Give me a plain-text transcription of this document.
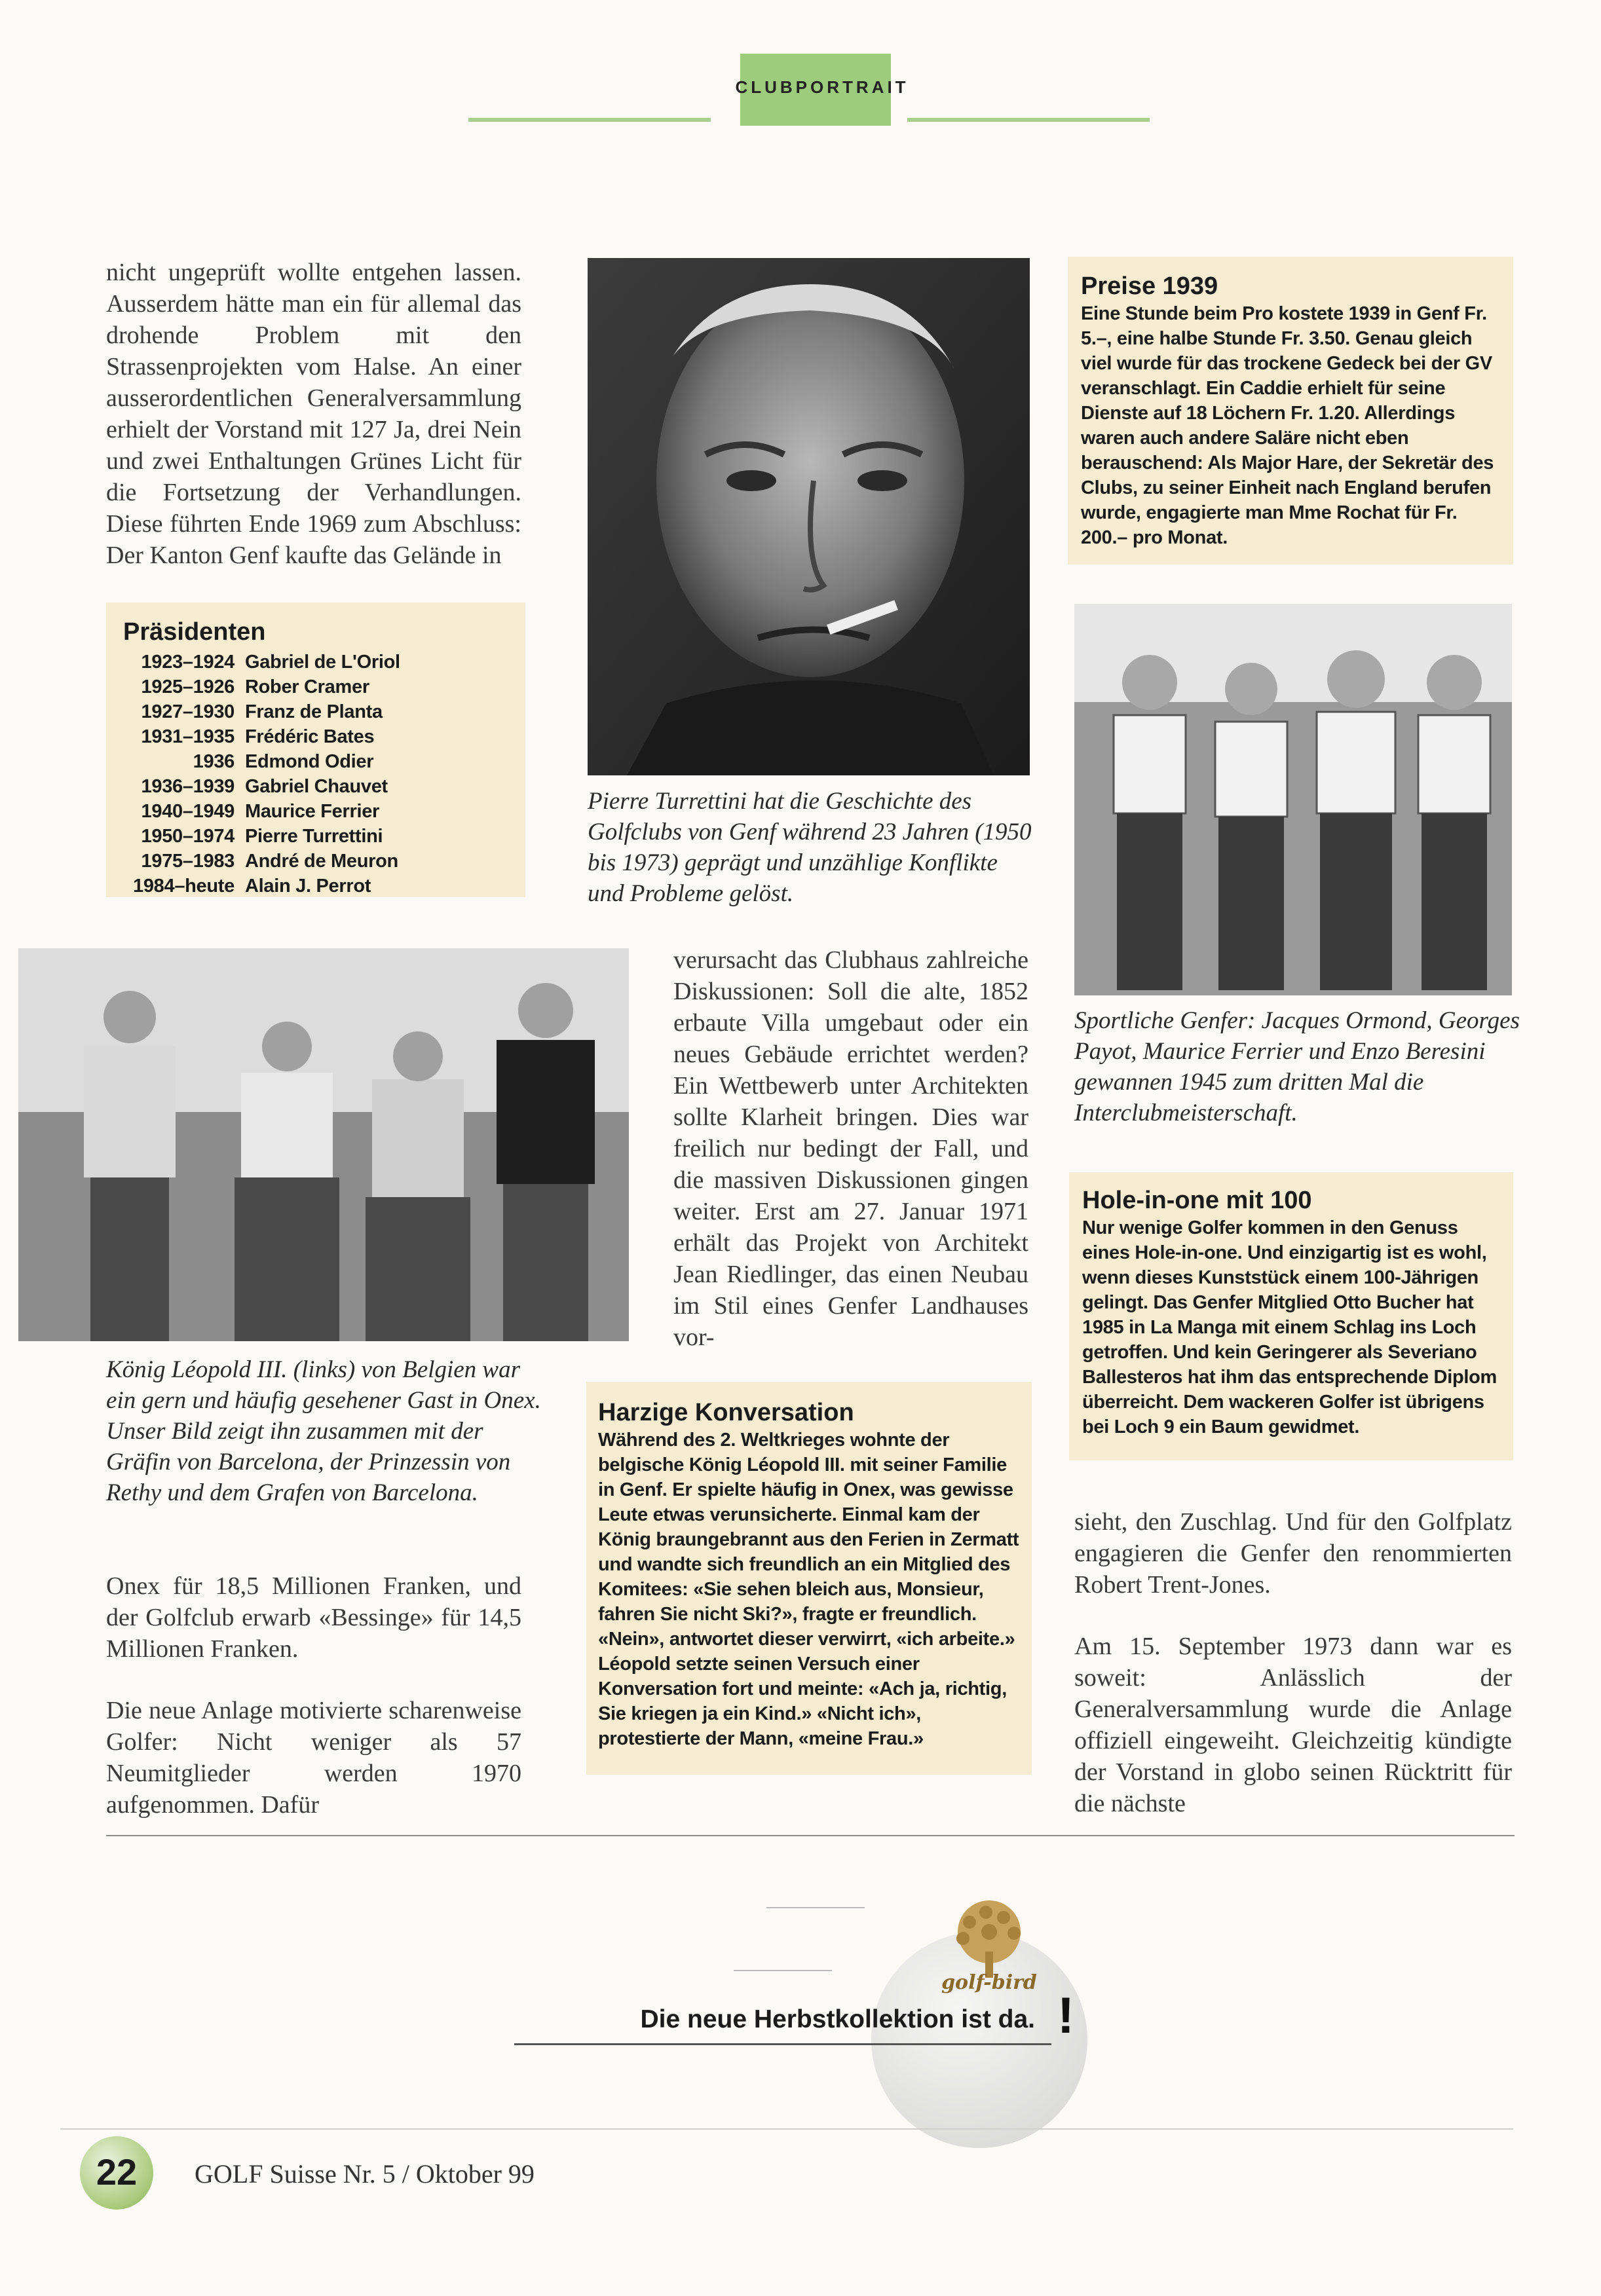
CLUBPORTRAIT

nicht ungeprüft wollte entgehen lassen. Ausserdem hätte man ein für allemal das drohende Problem mit den Strassenprojekten vom Halse. An einer ausserordentlichen Generalversammlung erhielt der Vorstand mit 127 Ja, drei Nein und zwei Enthaltungen Grünes Licht für die Fortsetzung der Verhandlungen. Diese führten Ende 1969 zum Abschluss: Der Kanton Genf kaufte das Gelände in

Pierre Turrettini hat die Geschichte des Golfclubs von Genf während 23 Jahren (1950 bis 1973) geprägt und unzählige Konflikte und Probleme gelöst.
Preise 1939
Eine Stunde beim Pro kostete 1939 in Genf Fr. 5.–, eine halbe Stunde Fr. 3.50. Genau gleich viel wurde für das trockene Gedeck bei der GV veranschlagt. Ein Caddie erhielt für seine Dienste auf 18 Löchern Fr. 1.20. Allerdings waren auch andere Saläre nicht eben berauschend: Als Major Hare, der Sekretär des Clubs, zu seiner Einheit nach England berufen wurde, engagierte man Mme Rochat für Fr. 200.– pro Monat.
Präsidenten
1923–1924 Gabriel de L'Oriol
1925–1926 Rober Cramer
1927–1930 Franz de Planta
1931–1935 Frédéric Bates
1936 Edmond Odier
1936–1939 Gabriel Chauvet
1940–1949 Maurice Ferrier
1950–1974 Pierre Turrettini
1975–1983 André de Meuron
1984–heute Alain J. Perrot
Sportliche Genfer: Jacques Ormond, Georges Payot, Maurice Ferrier und Enzo Beresini gewannen 1945 zum dritten Mal die Interclubmeisterschaft.
König Léopold III. (links) von Belgien war ein gern und häufig gesehener Gast in Onex. Unser Bild zeigt ihn zusammen mit der Gräfin von Barcelona, der Prinzessin von Rethy und dem Grafen von Barcelona.

verursacht das Clubhaus zahlreiche Diskussionen: Soll die alte, 1852 erbaute Villa umgebaut oder ein neues Gebäude errichtet werden? Ein Wettbewerb unter Architekten sollte Klarheit bringen. Dies war freilich nur bedingt der Fall, und die massiven Diskussionen gingen weiter. Erst am 27. Januar 1971 erhält das Projekt von Architekt Jean Riedlinger, das einen Neubau im Stil eines Genfer Landhauses vor-

Hole-in-one mit 100
Nur wenige Golfer kommen in den Genuss eines Hole-in-one. Und einzigartig ist es wohl, wenn dieses Kunststück einem 100-Jährigen gelingt. Das Genfer Mitglied Otto Bucher hat 1985 in La Manga mit einem Schlag ins Loch getroffen. Und kein Geringerer als Severiano Ballesteros hat ihm das entsprechende Diplom überreicht. Dem wackeren Golfer ist übrigens bei Loch 9 ein Baum gewidmet.
Harzige Konversation
Während des 2. Weltkrieges wohnte der belgische König Léopold III. mit seiner Familie in Genf. Er spielte häufig in Onex, was gewisse Leute etwas verunsicherte. Einmal kam der König braungebrannt aus den Ferien in Zermatt und wandte sich freundlich an ein Mitglied des Komitees: «Sie sehen bleich aus, Monsieur, fahren Sie nicht Ski?», fragte er freundlich. «Nein», antwortet dieser verwirrt, «ich arbeite.» Léopold setzte seinen Versuch einer Konversation fort und meinte: «Ach ja, richtig, Sie kriegen ja ein Kind.» «Nicht ich», protestierte der Mann, «meine Frau.»

Onex für 18,5 Millionen Franken, und der Golfclub erwarb «Bessinge» für 14,5 Millionen Franken.

Die neue Anlage motivierte scharenweise Golfer: Nicht weniger als 57 Neumitglieder werden 1970 aufgenommen. Dafür

sieht, den Zuschlag. Und für den Golfplatz engagieren die Genfer den renommierten Robert Trent-Jones.

Am 15. September 1973 dann war es soweit: Anlässlich der Generalversammlung wurde die Anlage offiziell eingeweiht. Gleichzeitig kündigte der Vorstand in globo seinen Rücktritt für die nächste

golf-bird
Die neue Herbstkollektion ist da. !
22	GOLF Suisse Nr. 5 / Oktober 99
